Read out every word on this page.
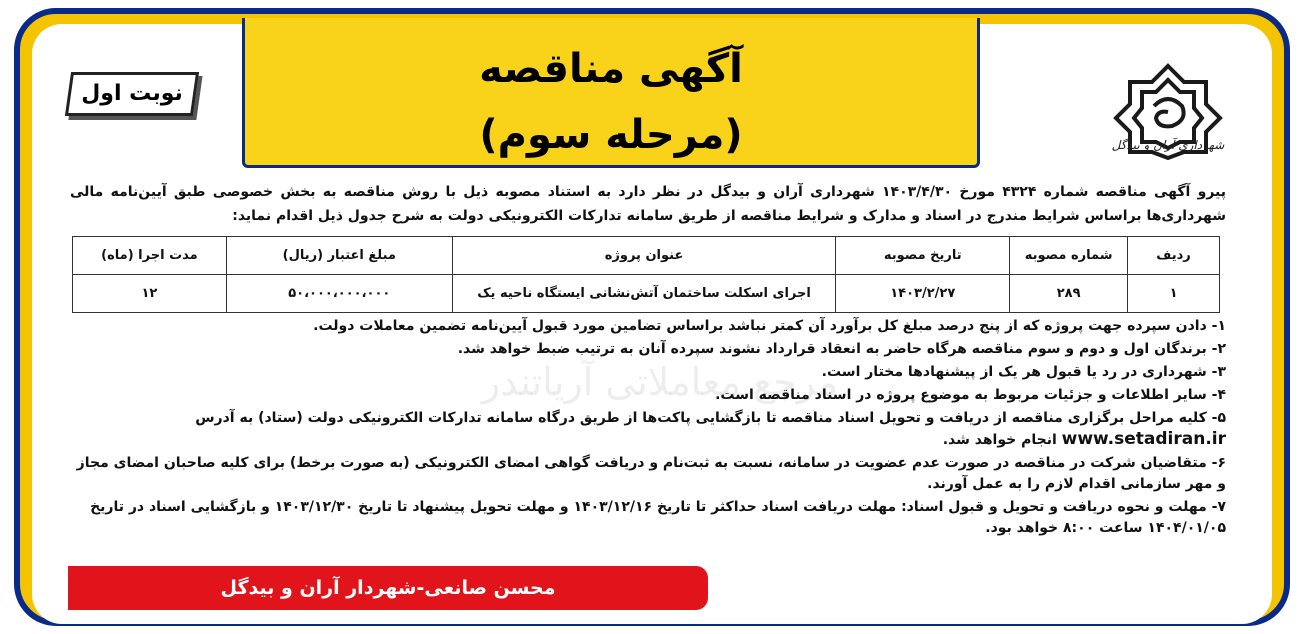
مرجع معاملاتی آریاتندر
آگهی مناقصه
(مرحله سوم)
نوبت اول
شهرداری آران و بیدگل
پیرو آگهی مناقصه شماره ۴۳۲۴ مورخ ۱۴۰۳/۴/۳۰ شهرداری آران و بیدگل در نظر دارد به استناد مصوبه ذیل با روش مناقصه به بخش خصوصی طبق آیین‌نامه مالی شهرداری‌ها براساس شرایط مندرج در اسناد و مدارک و شرایط مناقصه از طریق سامانه تدارکات الکترونیکی دولت به شرح جدول ذیل اقدام نماید:
ردیف	شماره مصوبه	تاریخ مصوبه	عنوان پروژه	مبلغ اعتبار (ریال)	مدت اجرا (ماه)
۱	۲۸۹	۱۴۰۳/۲/۲۷	اجرای اسکلت ساختمان آتش‌نشانی ایستگاه ناحیه یک	۵۰،۰۰۰،۰۰۰،۰۰۰	۱۲

۱- دادن سپرده جهت پروژه که از پنج درصد مبلغ کل برآورد آن کمتر نباشد براساس تضامین مورد قبول آیین‌نامه تضمین معاملات دولت.

۲- برندگان اول و دوم و سوم مناقصه هرگاه حاضر به انعقاد قرارداد نشوند سپرده آنان به ترتیب ضبط خواهد شد.

۳- شهرداری در رد یا قبول هر یک از پیشنهادها مختار است.

۴- سایر اطلاعات و جزئیات مربوط به موضوع پروژه در اسناد مناقصه است.

۵- کلیه مراحل برگزاری مناقصه از دریافت و تحویل اسناد مناقصه تا بازگشایی پاکت‌ها از طریق درگاه سامانه تدارکات الکترونیکی دولت (ستاد) به آدرس www.setadiran.ir انجام خواهد شد.

۶- متقاضیان شرکت در مناقصه در صورت عدم عضویت در سامانه، نسبت به ثبت‌نام و دریافت گواهی امضای الکترونیکی (به صورت برخط) برای کلیه صاحبان امضای مجاز و مهر سازمانی اقدام لازم را به عمل آورند.

۷- مهلت و نحوه دریافت و تحویل و قبول اسناد: مهلت دریافت اسناد حداکثر تا تاریخ ۱۴۰۳/۱۲/۱۶ و مهلت تحویل پیشنهاد تا تاریخ ۱۴۰۳/۱۲/۳۰ و بازگشایی اسناد در تاریخ ۱۴۰۴/۰۱/۰۵ ساعت ۸:۰۰ خواهد بود.

محسن صانعی-شهردار آران و بیدگل
